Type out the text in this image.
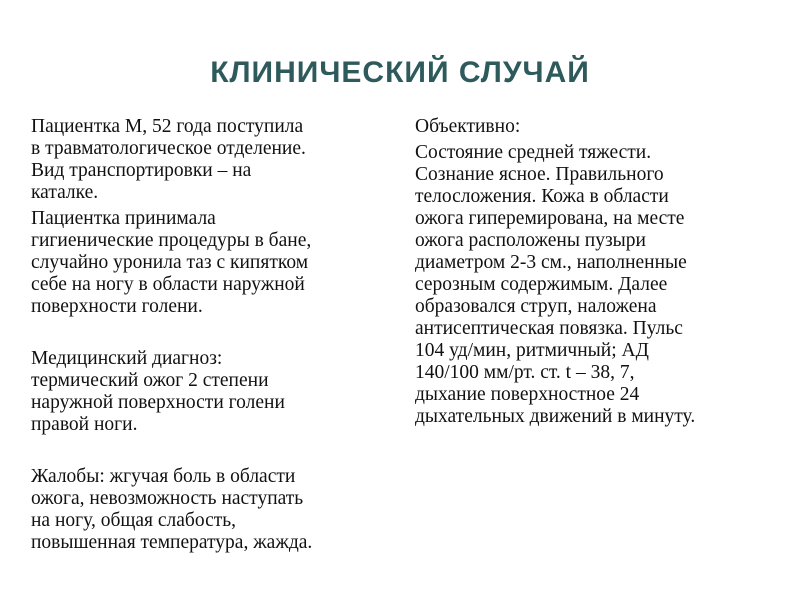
КЛИНИЧЕСКИЙ СЛУЧАЙ

Пациентка М, 52 года поступила
в травматологическое отделение.
Вид транспортировки – на
каталке.

Пациентка принимала
гигиенические процедуры в бане,
случайно уронила таз с кипятком
себе на ногу в области наружной
поверхности голени.

Медицинский диагноз:
термический ожог 2 степени
наружной поверхности голени
правой ноги.

Жалобы: жгучая боль в области
ожога, невозможность наступать
на ногу, общая слабость,
повышенная температура, жажда.

Объективно:

Состояние средней тяжести.
Сознание ясное. Правильного
телосложения. Кожа в области
ожога гиперемирована, на месте
ожога расположены пузыри
диаметром 2-3 см., наполненные
серозным содержимым. Далее
образовался струп, наложена
антисептическая повязка. Пульс
104 уд/мин, ритмичный; АД
140/100 мм/рт. ст. t – 38, 7,
дыхание поверхностное 24
дыхательных движений в минуту.
